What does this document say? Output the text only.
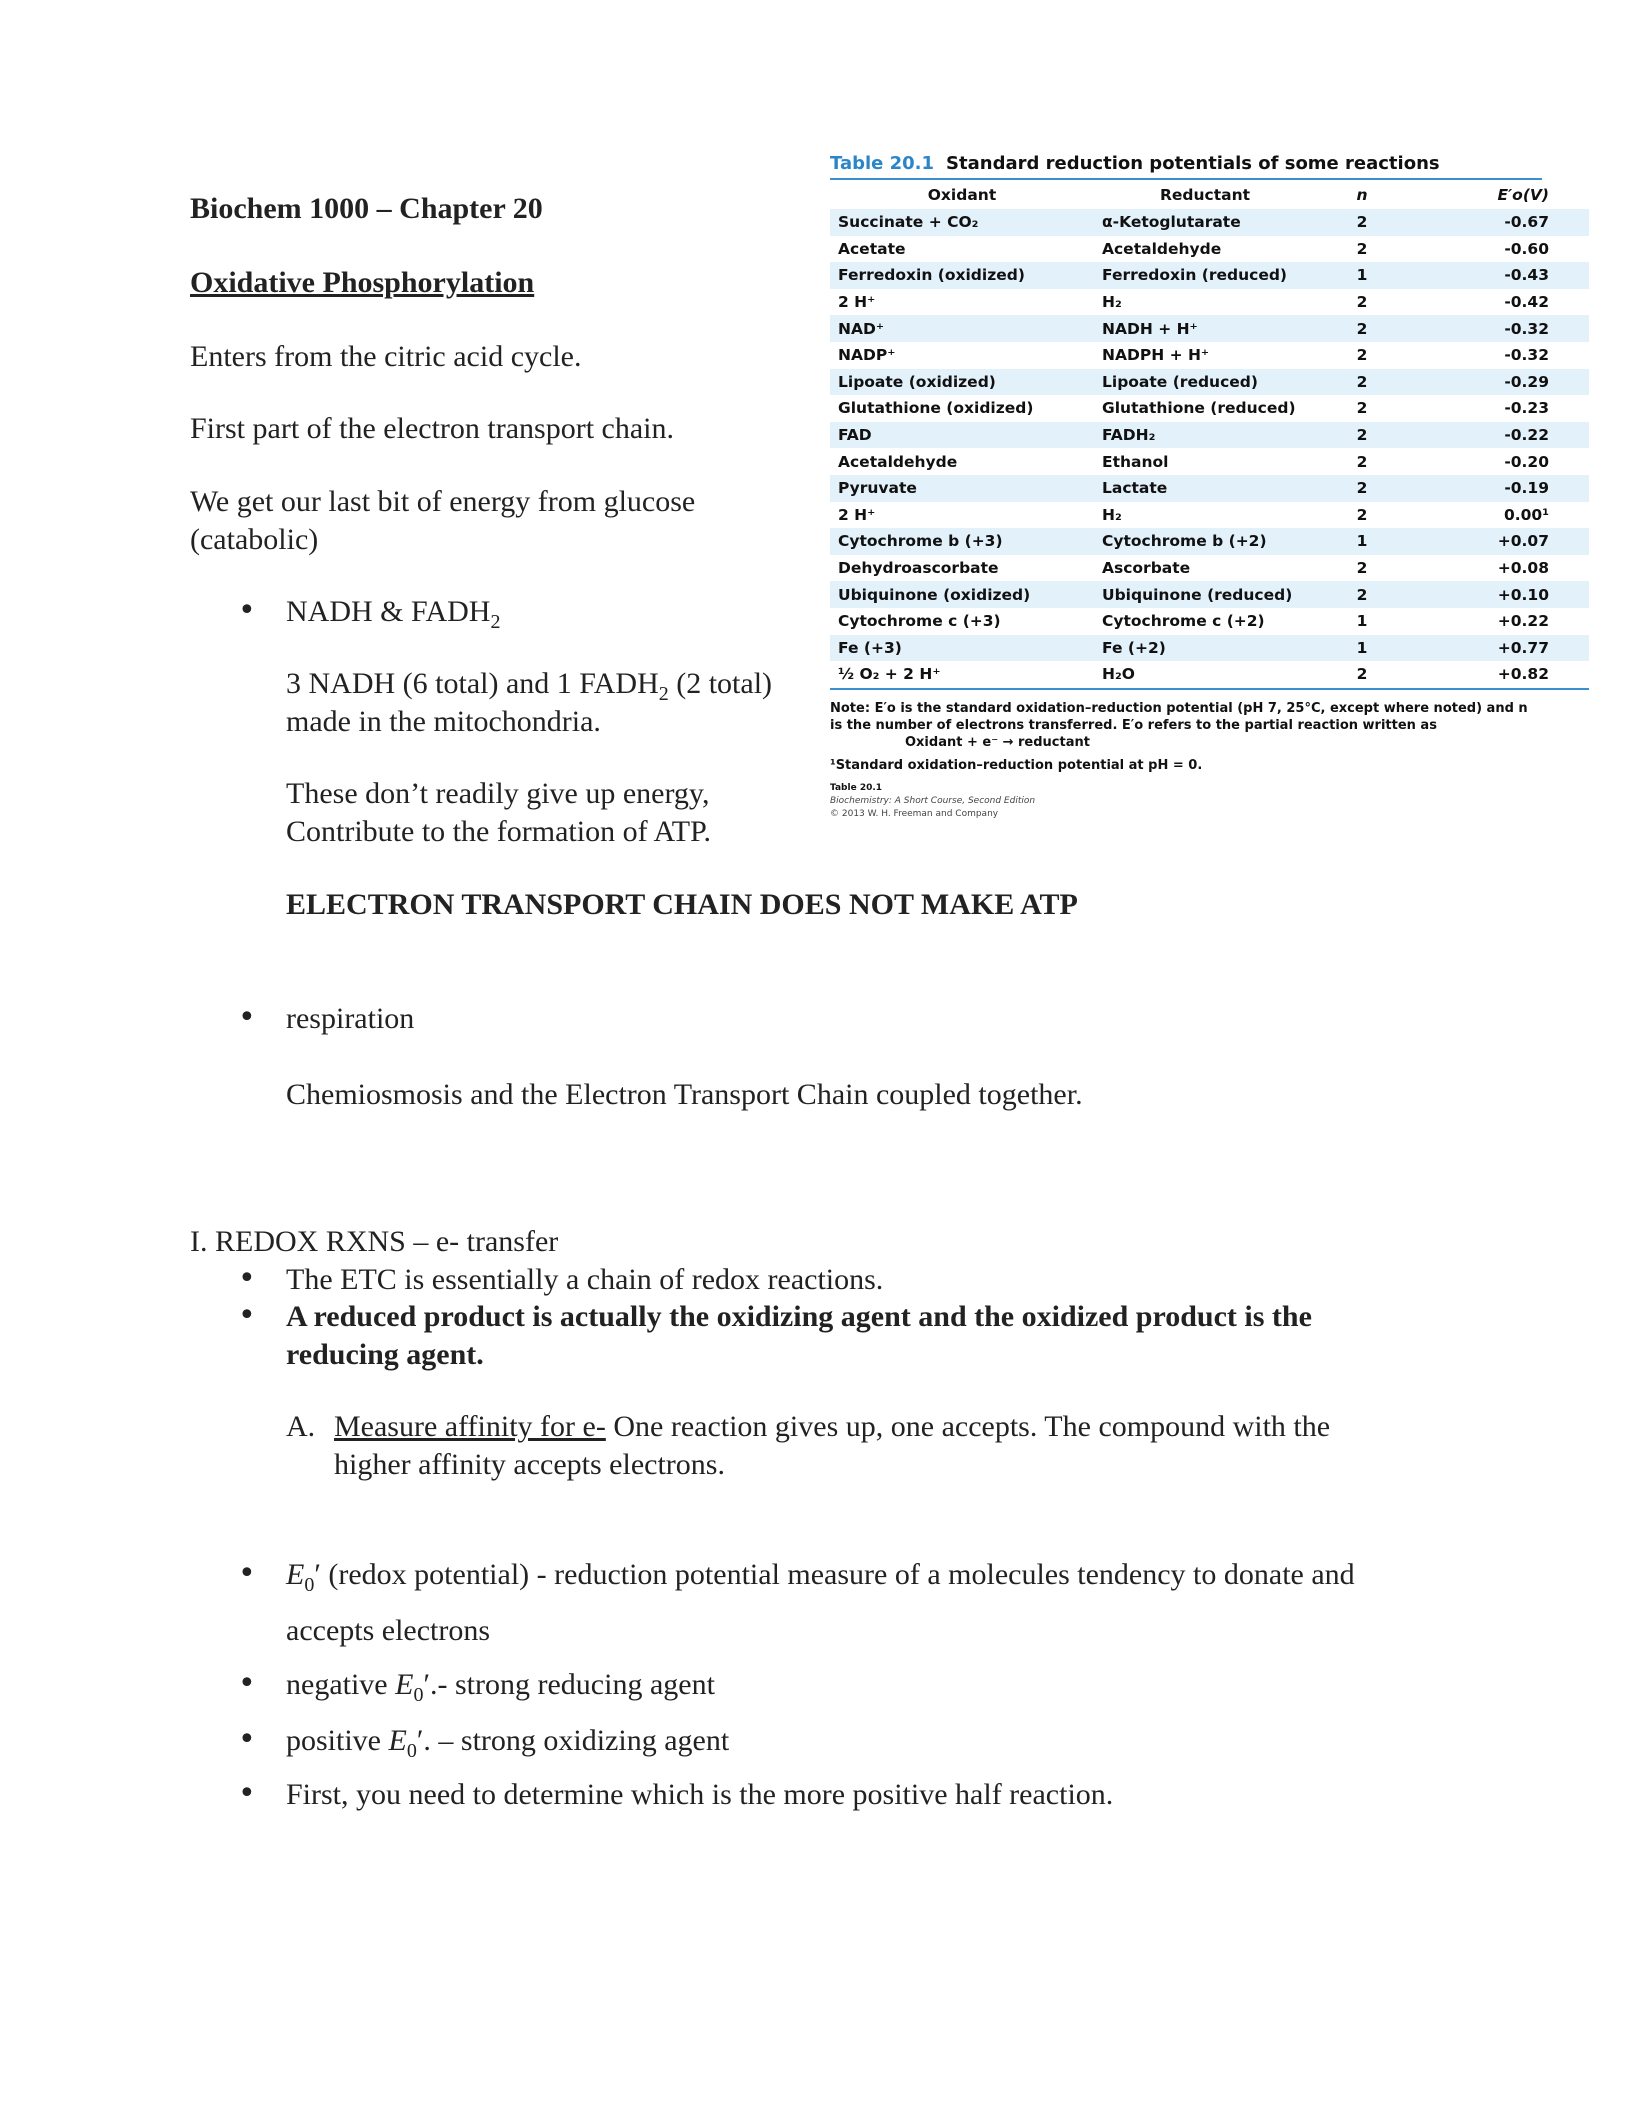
Biochem 1000 – Chapter 20
Oxidative Phosphorylation
Enters from the citric acid cycle.
First part of the electron transport chain.
We get our last bit of energy from glucose
(catabolic)
• NADH & $FADH_2$
3 NADH (6 total) and 1 $FADH_2$ (2 total)
made in the mitochondria.
These don’t readily give up energy,
Contribute to the formation of ATP.
ELECTRON TRANSPORT CHAIN DOES NOT MAKE ATP
• respiration
Chemiosmosis and the Electron Transport Chain coupled together.
I. REDOX RXNS – e- transfer
• The ETC is essentially a chain of redox reactions.
• A reduced product is actually the oxidizing agent and the oxidized product is the
reducing agent.
A. Measure affinity for e- One reaction gives up, one accepts. The compound with the
higher affinity accepts electrons.
• $E_0'$ (redox potential) - reduction potential measure of a molecules tendency to donate and
accepts electrons
• negative $E_0'.-$ strong reducing agent
• positive $E_0'$. – strong oxidizing agent
• First, you need to determine which is the more positive half reaction.
Table 20.1 Standard reduction potentials of some reactions
Oxidant	Reductant	n	E′o(V)
Succinate + CO₂	α-Ketoglutarate	2	-0.67
Acetate	Acetaldehyde	2	-0.60
Ferredoxin (oxidized)	Ferredoxin (reduced)	1	-0.43
2 H⁺	H₂	2	-0.42
NAD⁺	NADH + H⁺	2	-0.32
NADP⁺	NADPH + H⁺	2	-0.32
Lipoate (oxidized)	Lipoate (reduced)	2	-0.29
Glutathione (oxidized)	Glutathione (reduced)	2	-0.23
FAD	FADH₂	2	-0.22
Acetaldehyde	Ethanol	2	-0.20
Pyruvate	Lactate	2	-0.19
2 H⁺	H₂	2	0.00¹
Cytochrome b (+3)	Cytochrome b (+2)	1	+0.07
Dehydroascorbate	Ascorbate	2	+0.08
Ubiquinone (oxidized)	Ubiquinone (reduced)	2	+0.10
Cytochrome c (+3)	Cytochrome c (+2)	1	+0.22
Fe (+3)	Fe (+2)	1	+0.77
½ O₂ + 2 H⁺	H₂O	2	+0.82
Note: E′o is the standard oxidation–reduction potential (pH 7, 25°C, except where noted) and n
is the number of electrons transferred. E′o refers to the partial reaction written as
Oxidant + e⁻ → reductant
¹Standard oxidation–reduction potential at pH = 0.
Table 20.1
Biochemistry: A Short Course, Second Edition
© 2013 W. H. Freeman and Company
